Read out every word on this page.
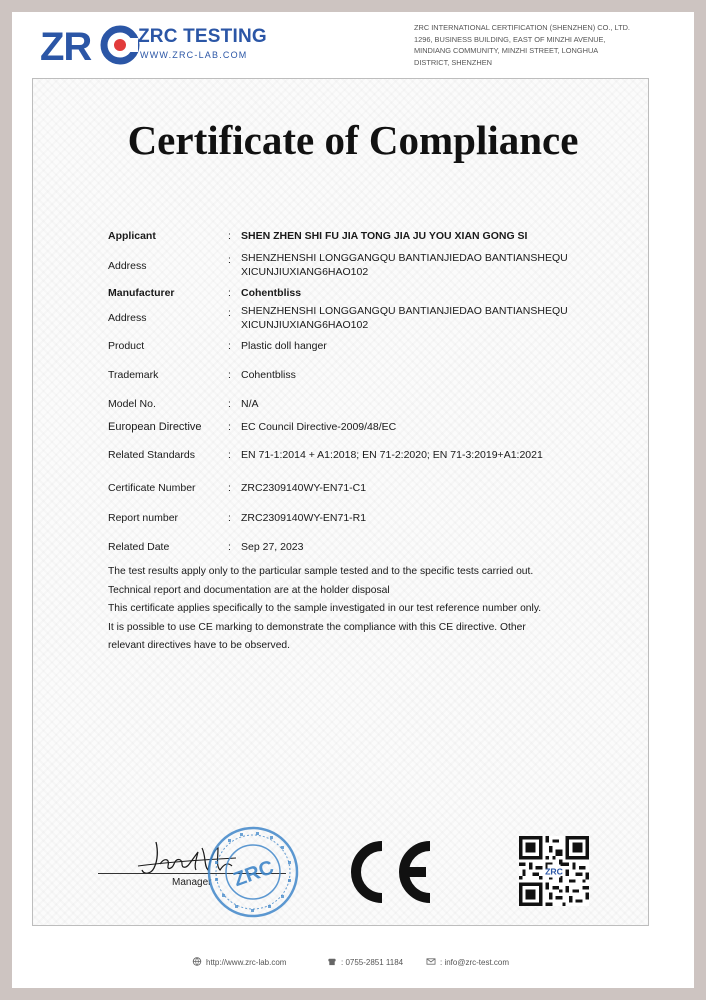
ZR ZRC TESTING
WWW.ZRC-LAB.COM
ZRC INTERNATIONAL CERTIFICATION (SHENZHEN) CO., LTD.
1296, BUSINESS BUILDING, EAST OF MINZHI AVENUE,
MINDIANG COMMUNITY, MINZHI STREET, LONGHUA
DISTRICT, SHENZHEN
Certificate of Compliance
Applicant	: SHEN ZHEN SHI FU JIA TONG JIA JU YOU XIAN GONG SI
Address	: SHENZHENSHI LONGGANGQU BANTIANJIEDAO BANTIANSHEQU
XICUNJIUXIANG6HAO102
Manufacturer	: Cohentbliss
Address	: SHENZHENSHI LONGGANGQU BANTIANJIEDAO BANTIANSHEQU
XICUNJIUXIANG6HAO102
Product	: Plastic doll hanger
Trademark	: Cohentbliss
Model No.	: N/A
European Directive	: EC Council Directive-2009/48/EC
Related Standards	: EN 71-1:2014 + A1:2018; EN 71-2:2020; EN 71-3:2019+A1:2021
Certificate Number	: ZRC2309140WY-EN71-C1
Report number	: ZRC2309140WY-EN71-R1
Related Date	: Sep 27, 2023
The test results apply only to the particular sample tested and to the specific tests carried out.
Technical report and documentation are at the holder disposal
This certificate applies specifically to the sample investigated in our test reference number only.
It is possible to use CE marking to demonstrate the compliance with this CE directive. Other
relevant directives have to be observed.
Manager ZRC	ZRC
http://www.zrc-lab.com	: 0755-2851 1184	: info@zrc-test.com
